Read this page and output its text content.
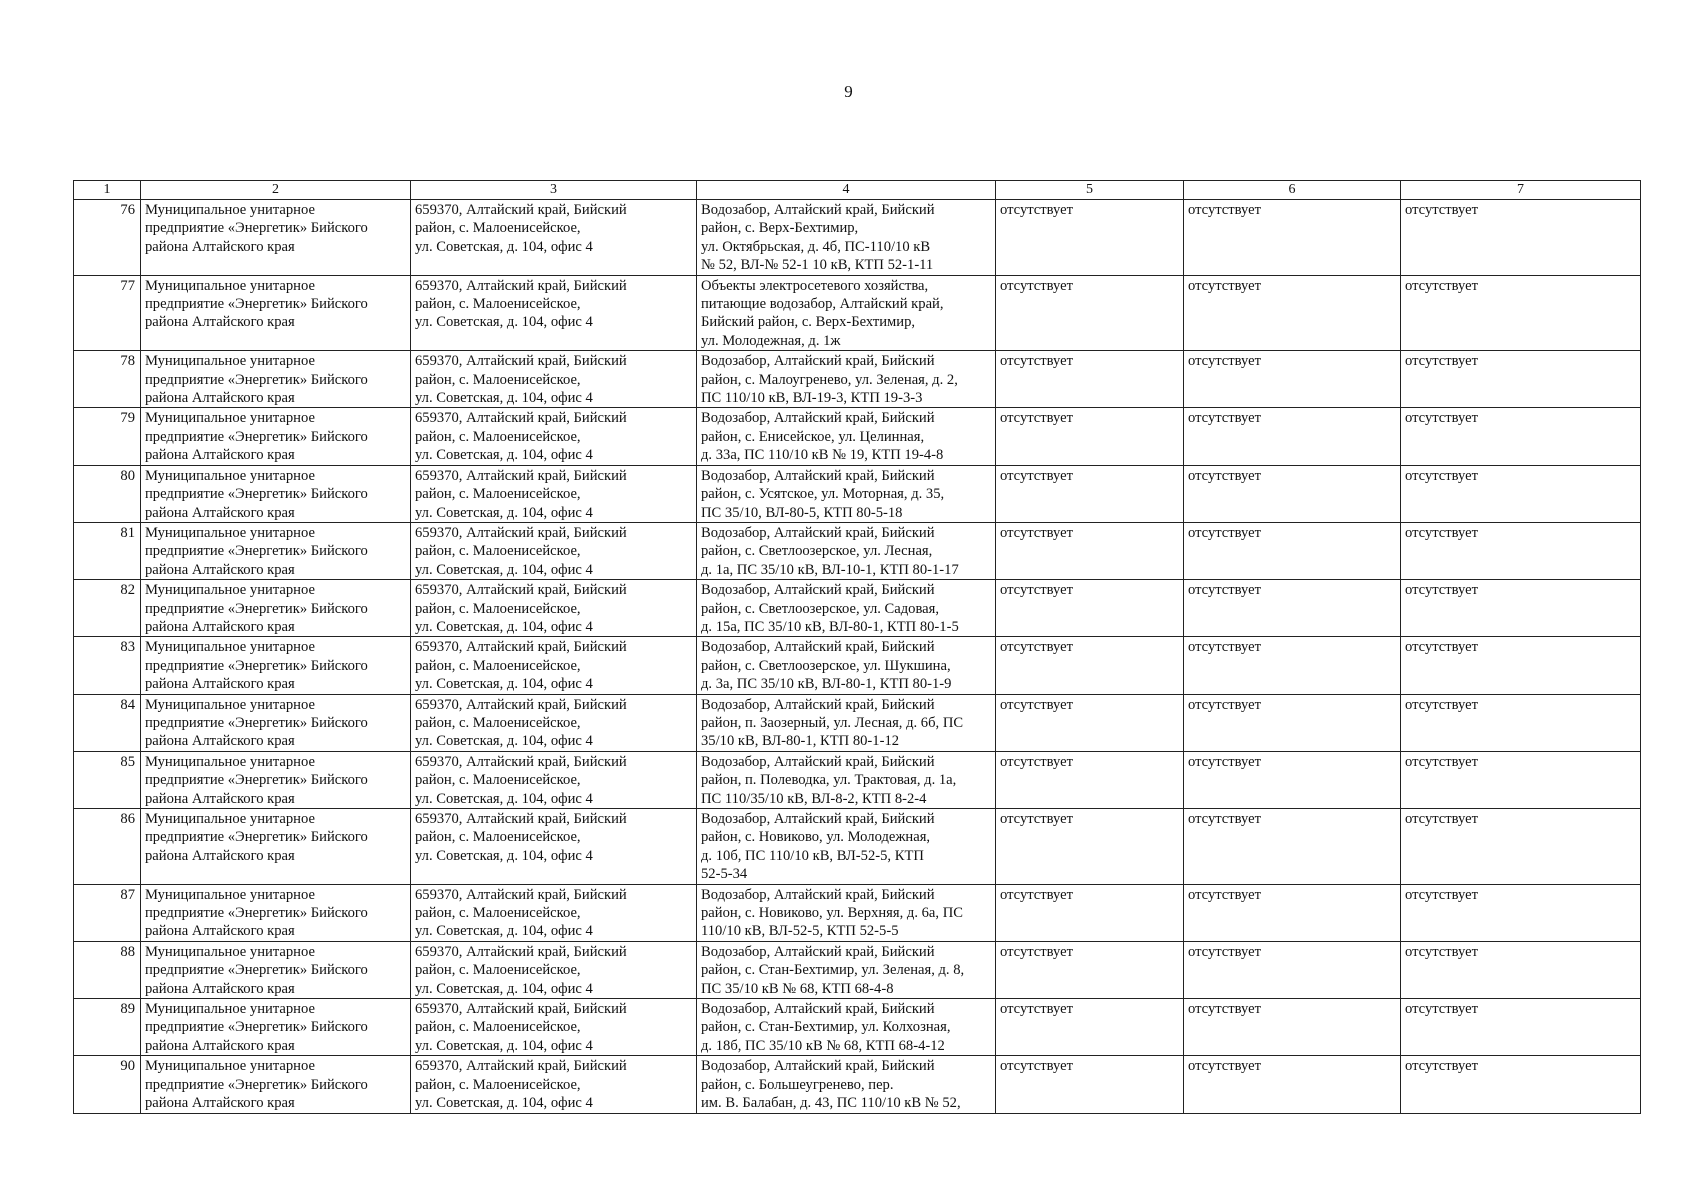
9
1	2	3	4	5	6	7
76	Муниципальное унитарное
предприятие «Энергетик» Бийского
района Алтайского края	659370, Алтайский край, Бийский
район, с. Малоенисейское,
ул. Советская, д. 104, офис 4	Водозабор, Алтайский край, Бийский
район, с. Верх-Бехтимир,
ул. Октябрьская, д. 4б, ПС-110/10 кВ
№ 52, ВЛ-№ 52-1 10 кВ, КТП 52-1-11	отсутствует	отсутствует	отсутствует
77	Муниципальное унитарное
предприятие «Энергетик» Бийского
района Алтайского края	659370, Алтайский край, Бийский
район, с. Малоенисейское,
ул. Советская, д. 104, офис 4	Объекты электросетевого хозяйства,
питающие водозабор, Алтайский край,
Бийский район, с. Верх-Бехтимир,
ул. Молодежная, д. 1ж	отсутствует	отсутствует	отсутствует
78	Муниципальное унитарное
предприятие «Энергетик» Бийского
района Алтайского края	659370, Алтайский край, Бийский
район, с. Малоенисейское,
ул. Советская, д. 104, офис 4	Водозабор, Алтайский край, Бийский
район, с. Малоугренево, ул. Зеленая, д. 2,
ПС 110/10 кВ, ВЛ-19-3, КТП 19-3-3	отсутствует	отсутствует	отсутствует
79	Муниципальное унитарное
предприятие «Энергетик» Бийского
района Алтайского края	659370, Алтайский край, Бийский
район, с. Малоенисейское,
ул. Советская, д. 104, офис 4	Водозабор, Алтайский край, Бийский
район, с. Енисейское, ул. Целинная,
д. 33а, ПС 110/10 кВ № 19, КТП 19-4-8	отсутствует	отсутствует	отсутствует
80	Муниципальное унитарное
предприятие «Энергетик» Бийского
района Алтайского края	659370, Алтайский край, Бийский
район, с. Малоенисейское,
ул. Советская, д. 104, офис 4	Водозабор, Алтайский край, Бийский
район, с. Усятское, ул. Моторная, д. 35,
ПС 35/10, ВЛ-80-5, КТП 80-5-18	отсутствует	отсутствует	отсутствует
81	Муниципальное унитарное
предприятие «Энергетик» Бийского
района Алтайского края	659370, Алтайский край, Бийский
район, с. Малоенисейское,
ул. Советская, д. 104, офис 4	Водозабор, Алтайский край, Бийский
район, с. Светлоозерское, ул. Лесная,
д. 1а, ПС 35/10 кВ, ВЛ-10-1, КТП 80-1-17	отсутствует	отсутствует	отсутствует
82	Муниципальное унитарное
предприятие «Энергетик» Бийского
района Алтайского края	659370, Алтайский край, Бийский
район, с. Малоенисейское,
ул. Советская, д. 104, офис 4	Водозабор, Алтайский край, Бийский
район, с. Светлоозерское, ул. Садовая,
д. 15а, ПС 35/10 кВ, ВЛ-80-1, КТП 80-1-5	отсутствует	отсутствует	отсутствует
83	Муниципальное унитарное
предприятие «Энергетик» Бийского
района Алтайского края	659370, Алтайский край, Бийский
район, с. Малоенисейское,
ул. Советская, д. 104, офис 4	Водозабор, Алтайский край, Бийский
район, с. Светлоозерское, ул. Шукшина,
д. 3а, ПС 35/10 кВ, ВЛ-80-1, КТП 80-1-9	отсутствует	отсутствует	отсутствует
84	Муниципальное унитарное
предприятие «Энергетик» Бийского
района Алтайского края	659370, Алтайский край, Бийский
район, с. Малоенисейское,
ул. Советская, д. 104, офис 4	Водозабор, Алтайский край, Бийский
район, п. Заозерный, ул. Лесная, д. 6б, ПС
35/10 кВ, ВЛ-80-1, КТП 80-1-12	отсутствует	отсутствует	отсутствует
85	Муниципальное унитарное
предприятие «Энергетик» Бийского
района Алтайского края	659370, Алтайский край, Бийский
район, с. Малоенисейское,
ул. Советская, д. 104, офис 4	Водозабор, Алтайский край, Бийский
район, п. Полеводка, ул. Трактовая, д. 1а,
ПС 110/35/10 кВ, ВЛ-8-2, КТП 8-2-4	отсутствует	отсутствует	отсутствует
86	Муниципальное унитарное
предприятие «Энергетик» Бийского
района Алтайского края	659370, Алтайский край, Бийский
район, с. Малоенисейское,
ул. Советская, д. 104, офис 4	Водозабор, Алтайский край, Бийский
район, с. Новиково, ул. Молодежная,
д. 10б, ПС 110/10 кВ, ВЛ-52-5, КТП
52-5-34	отсутствует	отсутствует	отсутствует
87	Муниципальное унитарное
предприятие «Энергетик» Бийского
района Алтайского края	659370, Алтайский край, Бийский
район, с. Малоенисейское,
ул. Советская, д. 104, офис 4	Водозабор, Алтайский край, Бийский
район, с. Новиково, ул. Верхняя, д. 6а, ПС
110/10 кВ, ВЛ-52-5, КТП 52-5-5	отсутствует	отсутствует	отсутствует
88	Муниципальное унитарное
предприятие «Энергетик» Бийского
района Алтайского края	659370, Алтайский край, Бийский
район, с. Малоенисейское,
ул. Советская, д. 104, офис 4	Водозабор, Алтайский край, Бийский
район, с. Стан-Бехтимир, ул. Зеленая, д. 8,
ПС 35/10 кВ № 68, КТП 68-4-8	отсутствует	отсутствует	отсутствует
89	Муниципальное унитарное
предприятие «Энергетик» Бийского
района Алтайского края	659370, Алтайский край, Бийский
район, с. Малоенисейское,
ул. Советская, д. 104, офис 4	Водозабор, Алтайский край, Бийский
район, с. Стан-Бехтимир, ул. Колхозная,
д. 18б, ПС 35/10 кВ № 68, КТП 68-4-12	отсутствует	отсутствует	отсутствует
90	Муниципальное унитарное
предприятие «Энергетик» Бийского
района Алтайского края	659370, Алтайский край, Бийский
район, с. Малоенисейское,
ул. Советская, д. 104, офис 4	Водозабор, Алтайский край, Бийский
район, с. Большеугренево, пер.
им. В. Балабан, д. 43, ПС 110/10 кВ № 52,	отсутствует	отсутствует	отсутствует
